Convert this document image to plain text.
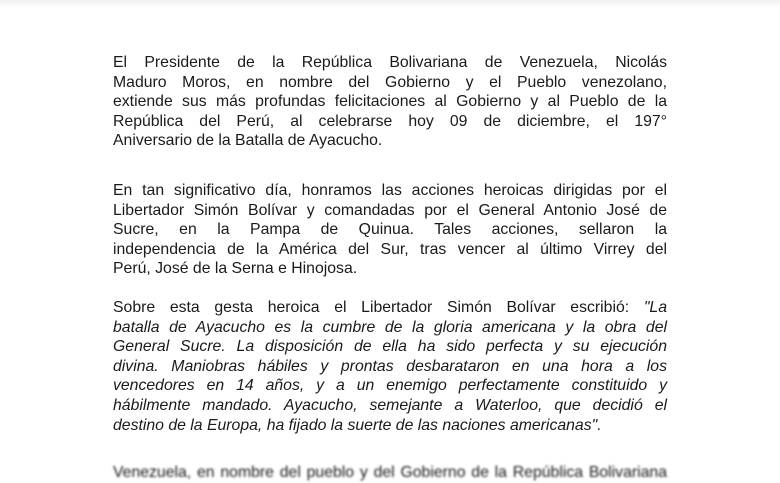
El Presidente de la República Bolivariana de Venezuela, Nicolás
Maduro Moros, en nombre del Gobierno y el Pueblo venezolano,
extiende sus más profundas felicitaciones al Gobierno y al Pueblo de la
República del Perú, al celebrarse hoy 09 de diciembre, el 197°
Aniversario de la Batalla de Ayacucho.
En tan significativo día, honramos las acciones heroicas dirigidas por el
Libertador Simón Bolívar y comandadas por el General Antonio José de
Sucre, en la Pampa de Quinua. Tales acciones, sellaron la
independencia de la América del Sur, tras vencer al último Virrey del
Perú, José de la Serna e Hinojosa.
Sobre esta gesta heroica el Libertador Simón Bolívar escribió: "La
batalla de Ayacucho es la cumbre de la gloria americana y la obra del
General Sucre. La disposición de ella ha sido perfecta y su ejecución
divina. Maniobras hábiles y prontas desbarataron en una hora a los
vencedores en 14 años, y a un enemigo perfectamente constituido y
hábilmente mandado. Ayacucho, semejante a Waterloo, que decidió el
destino de la Europa, ha fijado la suerte de las naciones americanas".
Venezuela, en nombre del pueblo y del Gobierno de la República Bolivariana
